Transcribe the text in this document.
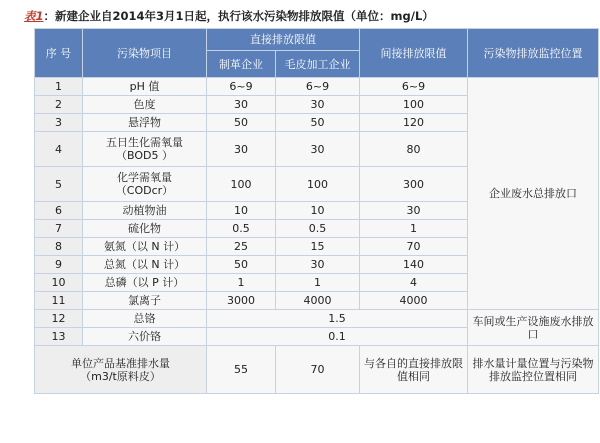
表1：新建企业自2014年3月1日起，执行该水污染物排放限值（单位：mg/L）
序 号	污染物项目	直接排放限值		间接排放限值	污染物排放监控位置
		制革企业	毛皮加工企业		
1	pH 值	6~9	6~9	6~9	企业废水总排放口
2	色度	30	30	100	
3	悬浮物	50	50	120	
4	五日生化需氧量
（BOD5 ）	30	30	80	
5	化学需氧量
（CODcr）	100	100	300	
6	动植物油	10	10	30	
7	硫化物	0.5	0.5	1	
8	氨氮（以 N 计）	25	15	70	
9	总氮（以 N 计）	50	30	140	
10	总磷（以 P 计）	1	1	4	
11	氯离子	3000	4000	4000	
12	总铬	1.5			车间或生产设施废水排放口
13	六价铬	0.1			
单位产品基准排水量
（m3/t原料皮）		55	70	与各自的直接排放限值相同	排水量计量位置与污染物排放监控位置相同
